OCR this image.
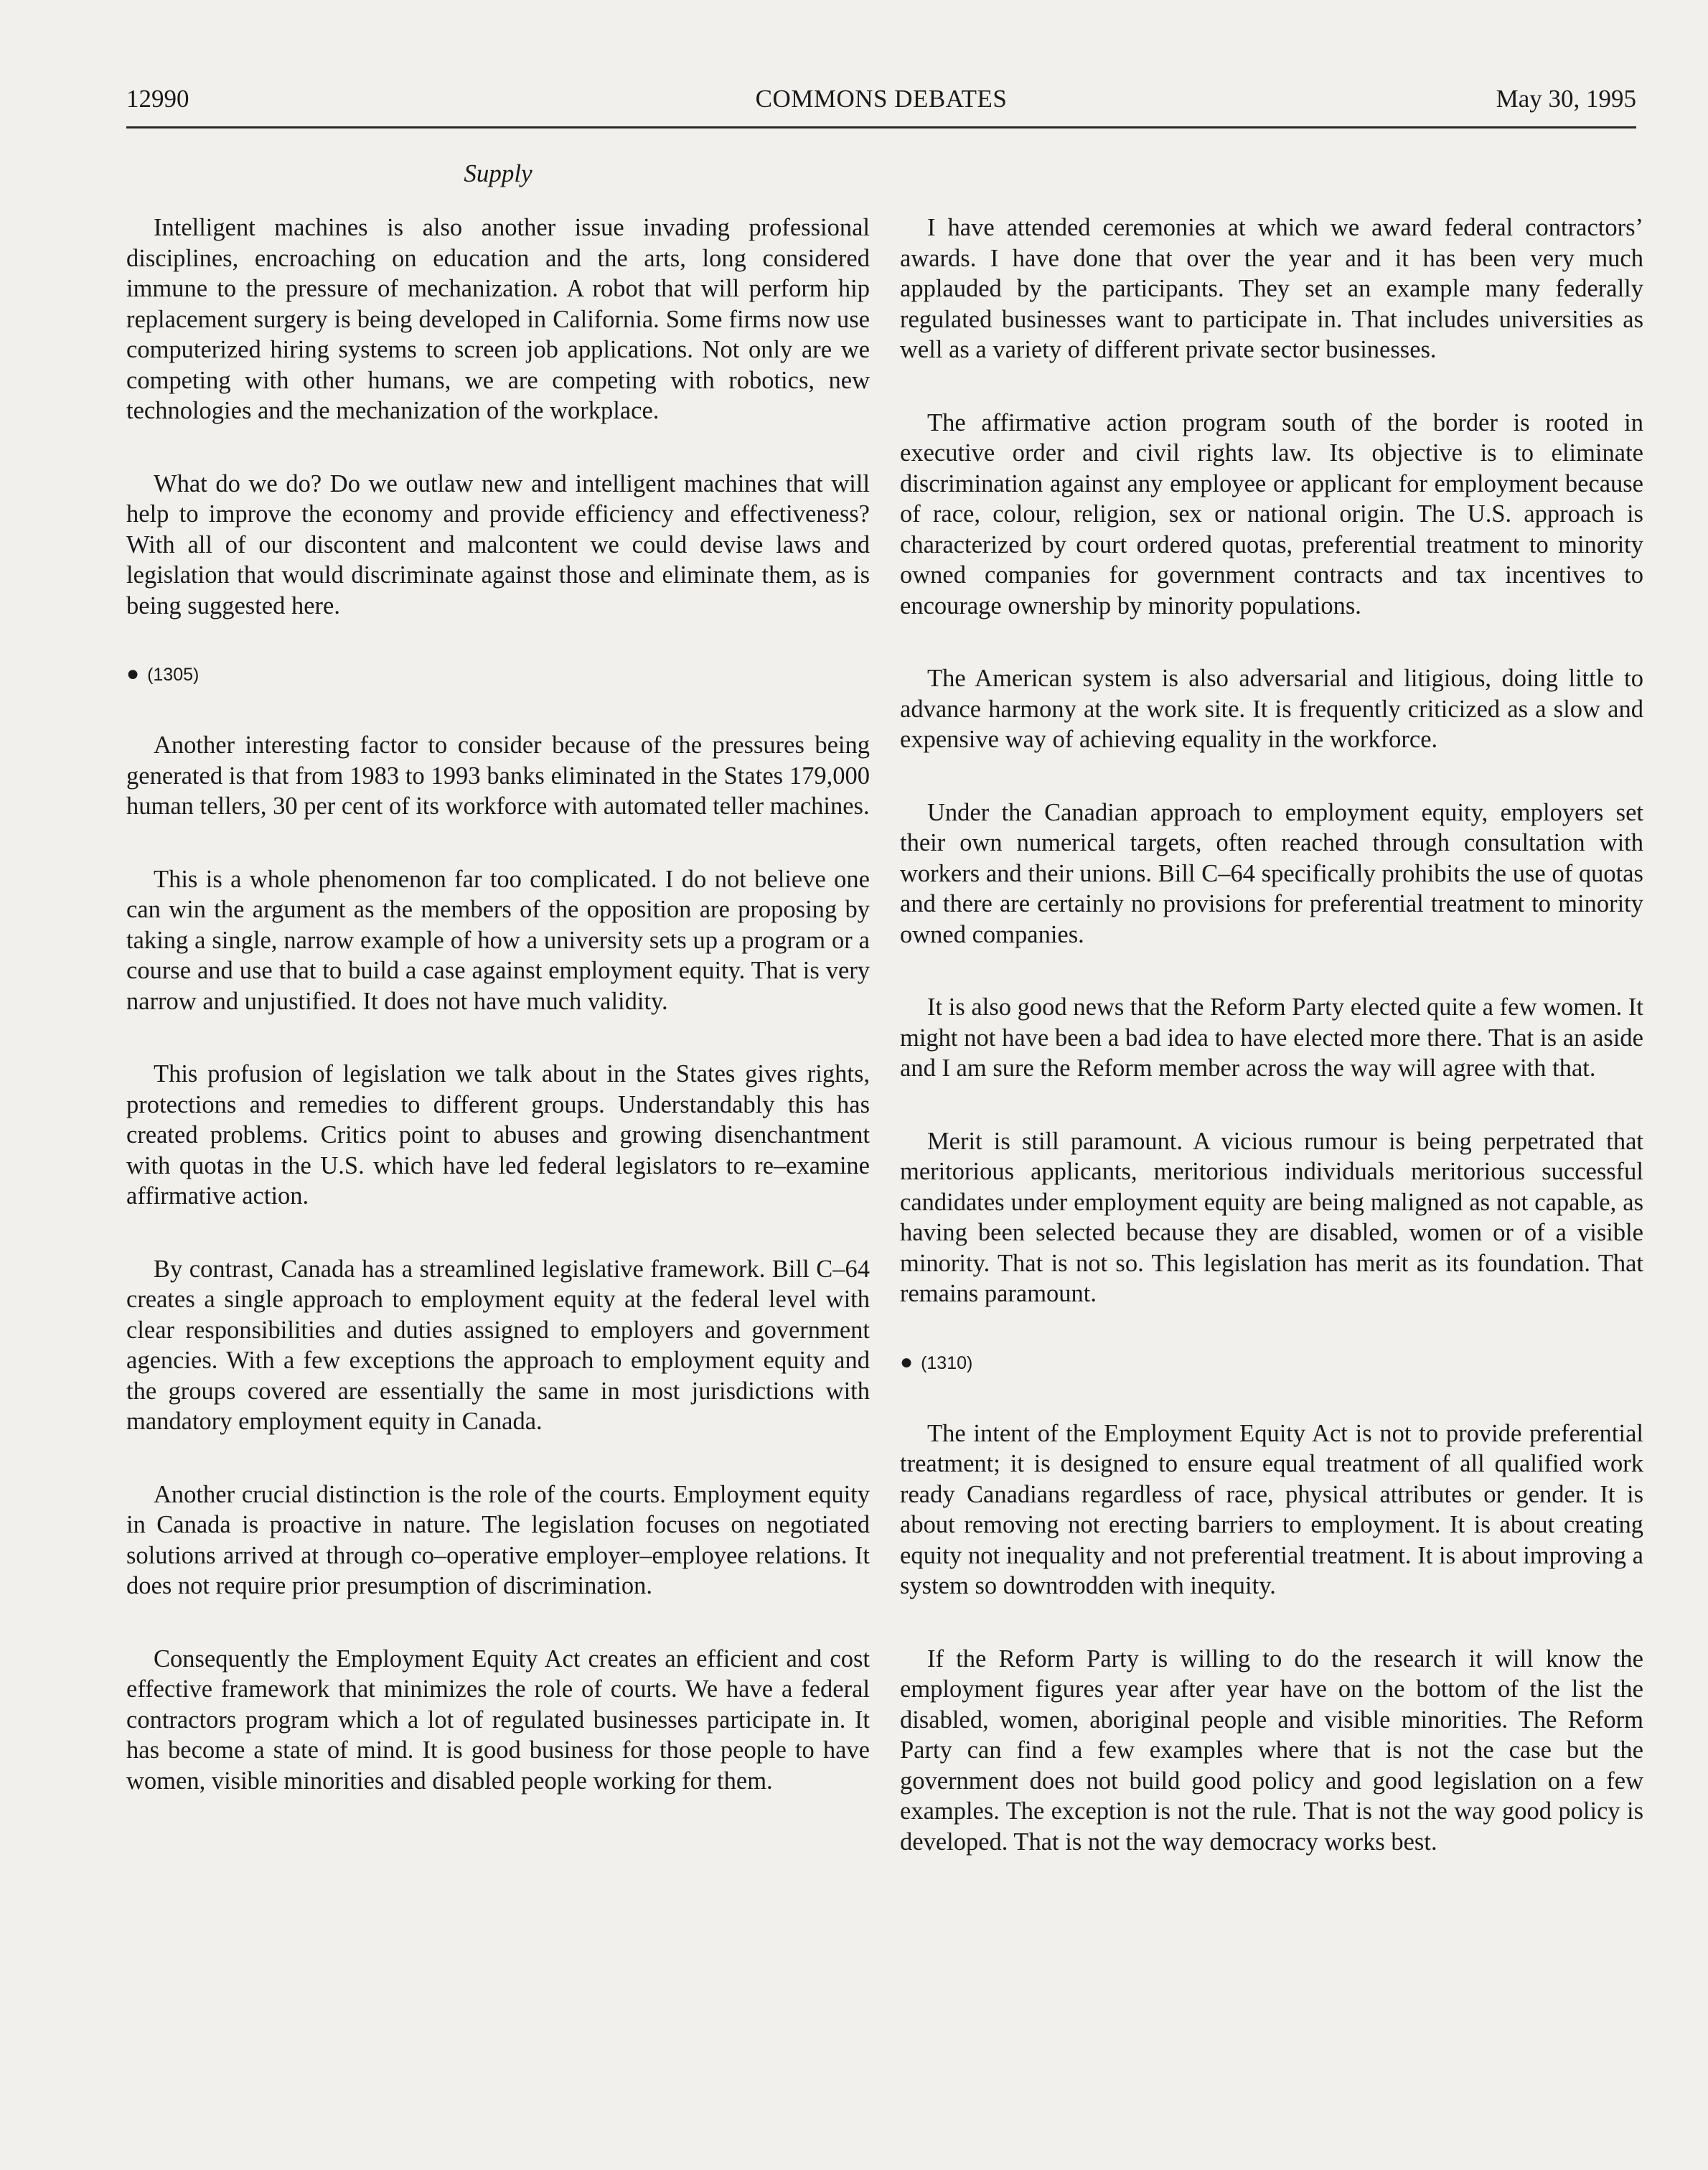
12990	COMMONS DEBATES	May 30, 1995
Supply

Intelligent machines is also another issue invading professional disciplines, encroaching on education and the arts, long considered immune to the pressure of mechanization. A robot that will perform hip replacement surgery is being developed in California. Some firms now use computerized hiring systems to screen job applications. Not only are we competing with other humans, we are competing with robotics, new technologies and the mechanization of the workplace.

What do we do? Do we outlaw new and intelligent machines that will help to improve the economy and provide efficiency and effectiveness? With all of our discontent and malcontent we could devise laws and legislation that would discriminate against those and eliminate them, as is being suggested here.

● (1305)

Another interesting factor to consider because of the pressures being generated is that from 1983 to 1993 banks eliminated in the States 179,000 human tellers, 30 per cent of its workforce with automated teller machines.

This is a whole phenomenon far too complicated. I do not believe one can win the argument as the members of the opposition are proposing by taking a single, narrow example of how a university sets up a program or a course and use that to build a case against employment equity. That is very narrow and unjustified. It does not have much validity.

This profusion of legislation we talk about in the States gives rights, protections and remedies to different groups. Understandably this has created problems. Critics point to abuses and growing disenchantment with quotas in the U.S. which have led federal legislators to re–examine affirmative action.

By contrast, Canada has a streamlined legislative framework. Bill C–64 creates a single approach to employment equity at the federal level with clear responsibilities and duties assigned to employers and government agencies. With a few exceptions the approach to employment equity and the groups covered are essentially the same in most jurisdictions with mandatory employment equity in Canada.

Another crucial distinction is the role of the courts. Employment equity in Canada is proactive in nature. The legislation focuses on negotiated solutions arrived at through co–operative employer–employee relations. It does not require prior presumption of discrimination.

Consequently the Employment Equity Act creates an efficient and cost effective framework that minimizes the role of courts. We have a federal contractors program which a lot of regulated businesses participate in. It has become a state of mind. It is good business for those people to have women, visible minorities and disabled people working for them.

I have attended ceremonies at which we award federal contractors’ awards. I have done that over the year and it has been very much applauded by the participants. They set an example many federally regulated businesses want to participate in. That includes universities as well as a variety of different private sector businesses.

The affirmative action program south of the border is rooted in executive order and civil rights law. Its objective is to eliminate discrimination against any employee or applicant for employment because of race, colour, religion, sex or national origin. The U.S. approach is characterized by court ordered quotas, preferential treatment to minority owned companies for government contracts and tax incentives to encourage ownership by minority populations.

The American system is also adversarial and litigious, doing little to advance harmony at the work site. It is frequently criticized as a slow and expensive way of achieving equality in the workforce.

Under the Canadian approach to employment equity, employers set their own numerical targets, often reached through consultation with workers and their unions. Bill C–64 specifically prohibits the use of quotas and there are certainly no provisions for preferential treatment to minority owned companies.

It is also good news that the Reform Party elected quite a few women. It might not have been a bad idea to have elected more there. That is an aside and I am sure the Reform member across the way will agree with that.

Merit is still paramount. A vicious rumour is being perpetrated that meritorious applicants, meritorious individuals meritorious successful candidates under employment equity are being maligned as not capable, as having been selected because they are disabled, women or of a visible minority. That is not so. This legislation has merit as its foundation. That remains paramount.

● (1310)

The intent of the Employment Equity Act is not to provide preferential treatment; it is designed to ensure equal treatment of all qualified work ready Canadians regardless of race, physical attributes or gender. It is about removing not erecting barriers to employment. It is about creating equity not inequality and not preferential treatment. It is about improving a system so downtrodden with inequity.

If the Reform Party is willing to do the research it will know the employment figures year after year have on the bottom of the list the disabled, women, aboriginal people and visible minorities. The Reform Party can find a few examples where that is not the case but the government does not build good policy and good legislation on a few examples. The exception is not the rule. That is not the way good policy is developed. That is not the way democracy works best.
